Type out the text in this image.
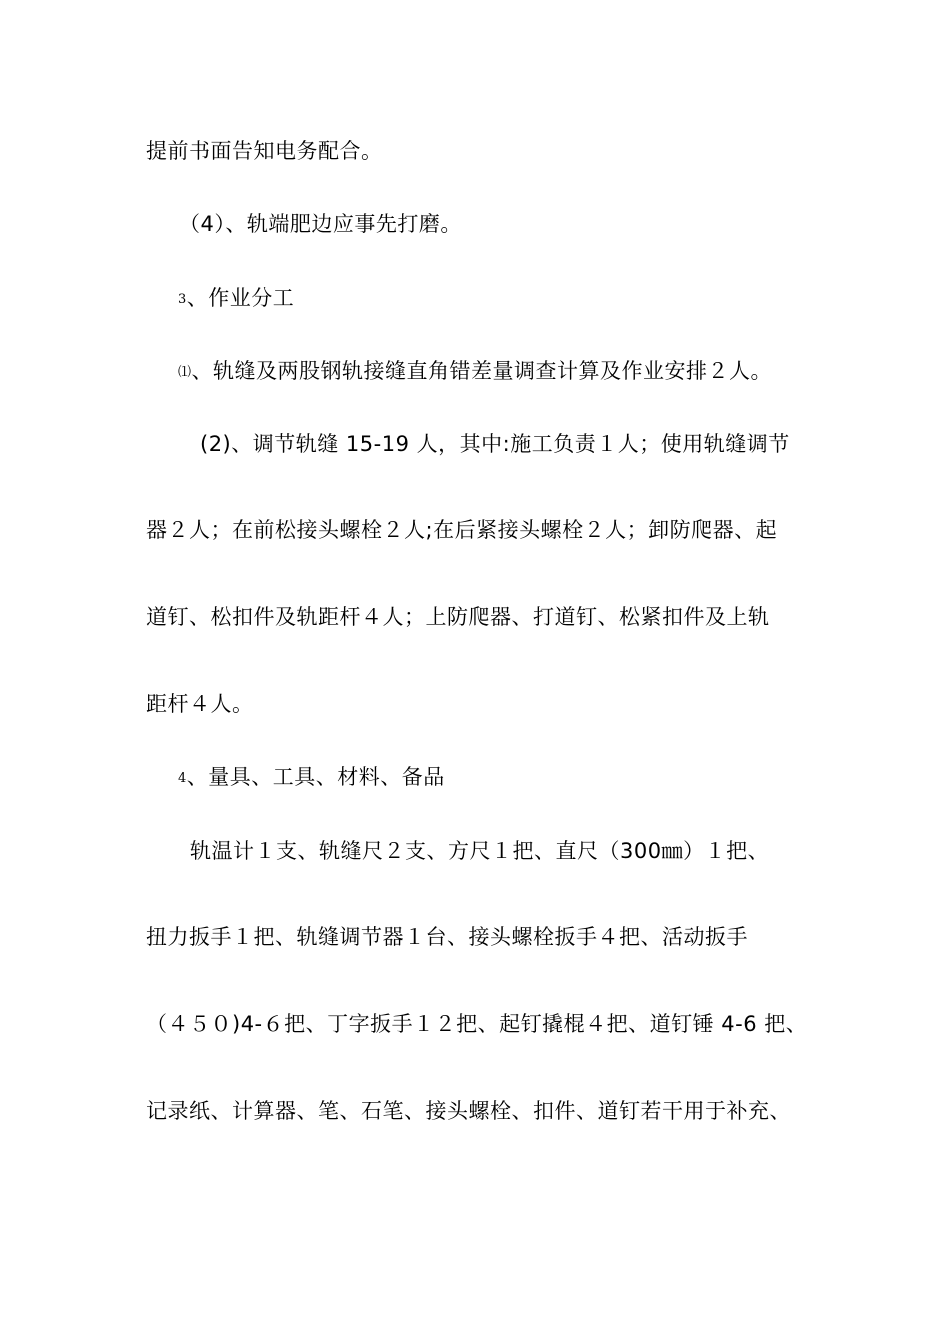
提前书面告知电务配合。
（4）、轨端肥边应事先打磨。
3、作业分工
⑴、轨缝及两股钢轨接缝直角错差量调查计算及作业安排２人。
(2)、调节轨缝 15-19 人，其中:施工负责１人；使用轨缝调节
器２人；在前松接头螺栓２人;在后紧接头螺栓２人；卸防爬器、起
道钉、松扣件及轨距杆４人；上防爬器、打道钉、松紧扣件及上轨
距杆４人。
4、量具、工具、材料、备品
轨温计１支、轨缝尺２支、方尺１把、直尺（300㎜）１把、
扭力扳手１把、轨缝调节器１台、接头螺栓扳手４把、活动扳手
（４５０)4-６把、丁字扳手１２把、起钉撬棍４把、道钉锤 4-6 把、
记录纸、计算器、笔、石笔、接头螺栓、扣件、道钉若干用于补充、
